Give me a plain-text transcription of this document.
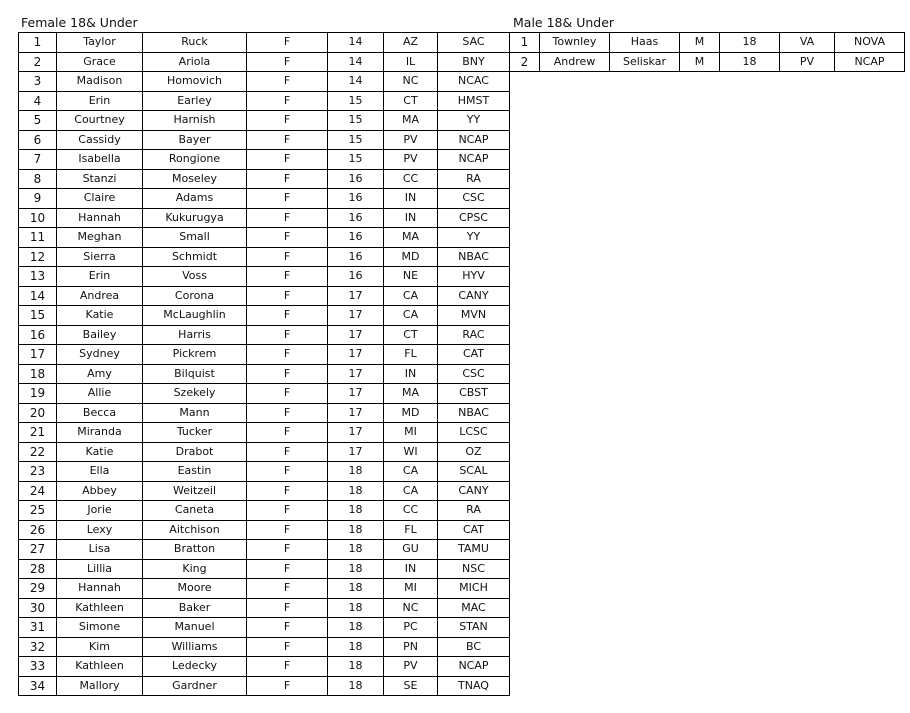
Female 18& Under
1	Taylor	Ruck	F	14	AZ	SAC
2	Grace	Ariola	F	14	IL	BNY
3	Madison	Homovich	F	14	NC	NCAC
4	Erin	Earley	F	15	CT	HMST
5	Courtney	Harnish	F	15	MA	YY
6	Cassidy	Bayer	F	15	PV	NCAP
7	Isabella	Rongione	F	15	PV	NCAP
8	Stanzi	Moseley	F	16	CC	RA
9	Claire	Adams	F	16	IN	CSC
10	Hannah	Kukurugya	F	16	IN	CPSC
11	Meghan	Small	F	16	MA	YY
12	Sierra	Schmidt	F	16	MD	NBAC
13	Erin	Voss	F	16	NE	HYV
14	Andrea	Corona	F	17	CA	CANY
15	Katie	McLaughlin	F	17	CA	MVN
16	Bailey	Harris	F	17	CT	RAC
17	Sydney	Pickrem	F	17	FL	CAT
18	Amy	Bilquist	F	17	IN	CSC
19	Allie	Szekely	F	17	MA	CBST
20	Becca	Mann	F	17	MD	NBAC
21	Miranda	Tucker	F	17	MI	LCSC
22	Katie	Drabot	F	17	WI	OZ
23	Ella	Eastin	F	18	CA	SCAL
24	Abbey	Weitzeil	F	18	CA	CANY
25	Jorie	Caneta	F	18	CC	RA
26	Lexy	Aitchison	F	18	FL	CAT
27	Lisa	Bratton	F	18	GU	TAMU
28	Lillia	King	F	18	IN	NSC
29	Hannah	Moore	F	18	MI	MICH
30	Kathleen	Baker	F	18	NC	MAC
31	Simone	Manuel	F	18	PC	STAN
32	Kim	Williams	F	18	PN	BC
33	Kathleen	Ledecky	F	18	PV	NCAP
34	Mallory	Gardner	F	18	SE	TNAQ
Male 18& Under
1	Townley	Haas	M	18	VA	NOVA
2	Andrew	Seliskar	M	18	PV	NCAP
